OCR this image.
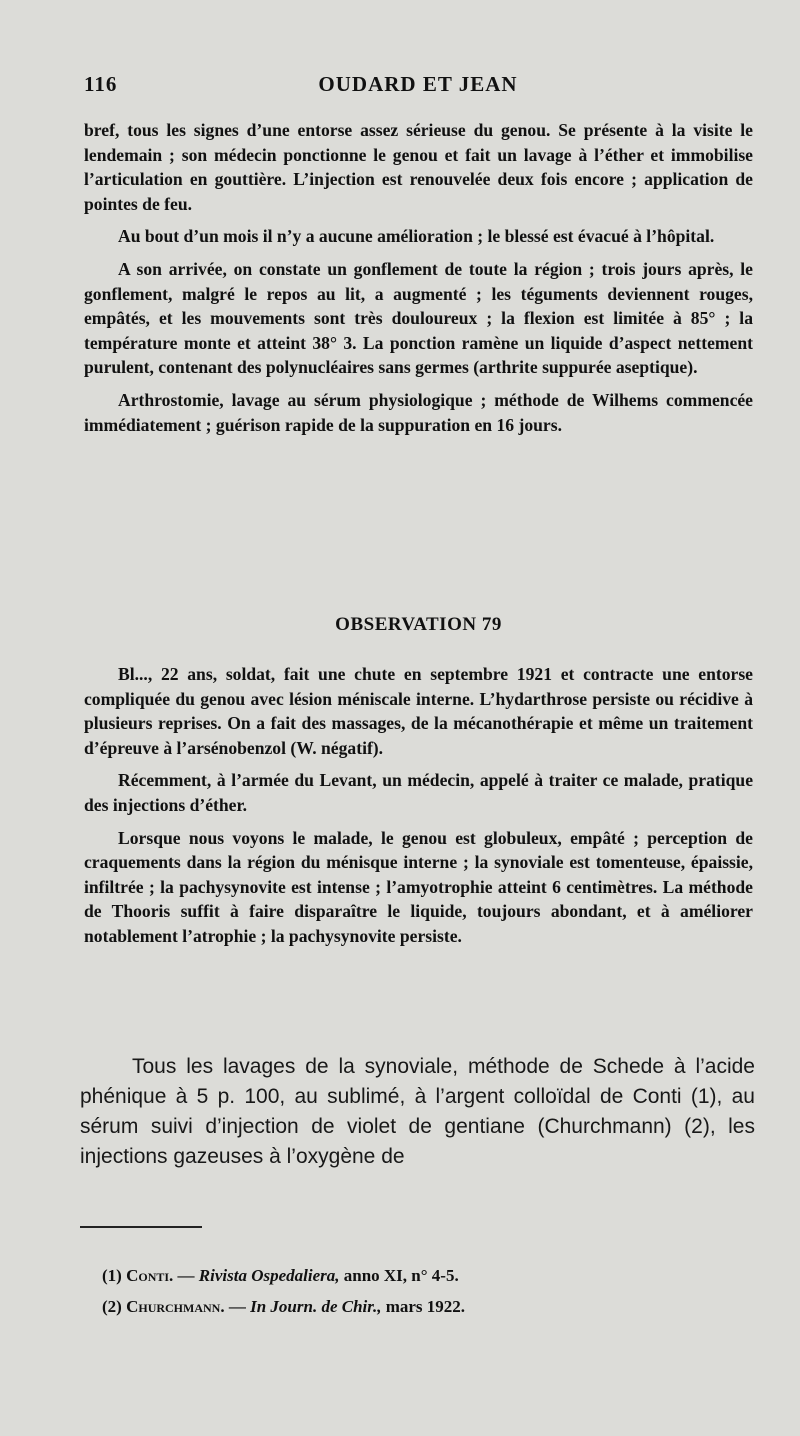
116	OUDARD ET JEAN

bref, tous les signes d’une entorse assez sérieuse du genou. Se présente à la visite le lendemain ; son médecin ponctionne le genou et fait un lavage à l’éther et immobilise l’articulation en gouttière. L’injection est renouvelée deux fois encore ; application de pointes de feu.

Au bout d’un mois il n’y a aucune amélioration ; le blessé est évacué à l’hôpital.

A son arrivée, on constate un gonflement de toute la région ; trois jours après, le gonflement, malgré le repos au lit, a augmenté ; les téguments deviennent rouges, empâtés, et les mouvements sont très douloureux ; la flexion est limitée à 85° ; la température monte et atteint 38° 3. La ponction ramène un liquide d’aspect nettement purulent, contenant des polynucléaires sans germes (arthrite suppurée aseptique).

Arthrostomie, lavage au sérum physiologique ; méthode de Wilhems commencée immédiatement ; guérison rapide de la suppuration en 16 jours.

OBSERVATION 79

Bl..., 22 ans, soldat, fait une chute en septembre 1921 et contracte une entorse compliquée du genou avec lésion méniscale interne. L’hydarthrose persiste ou récidive à plusieurs reprises. On a fait des massages, de la mécanothérapie et même un traitement d’épreuve à l’arsénobenzol (W. négatif).

Récemment, à l’armée du Levant, un médecin, appelé à traiter ce malade, pratique des injections d’éther.

Lorsque nous voyons le malade, le genou est globuleux, empâté ; perception de craquements dans la région du ménisque interne ; la synoviale est tomenteuse, épaissie, infiltrée ; la pachysynovite est intense ; l’amyotrophie atteint 6 centimètres. La méthode de Thooris suffit à faire disparaître le liquide, toujours abondant, et à améliorer notablement l’atrophie ; la pachysynovite persiste.

Tous les lavages de la synoviale, méthode de Schede à l’acide phénique à 5 p. 100, au sublimé, à l’argent colloïdal de Conti (1), au sérum suivi d’injection de violet de gentiane (Churchmann) (2), les injections gazeuses à l’oxygène de

(1) Conti. — Rivista Ospedaliera, anno XI, n° 4-5.
(2) Churchmann. — In Journ. de Chir., mars 1922.
